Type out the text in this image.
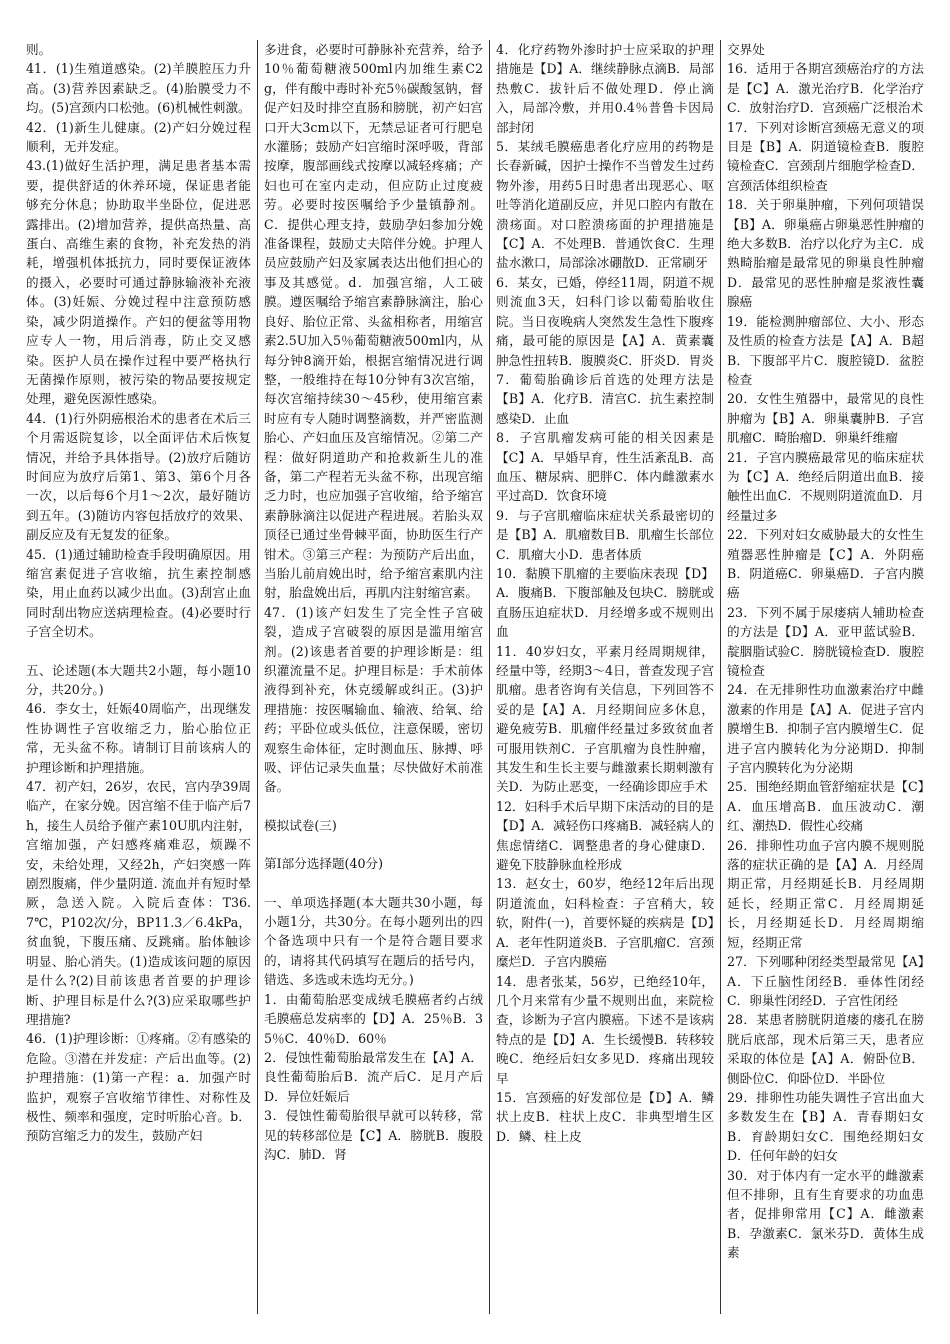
则。

41．(1)生殖道感染。(2)羊膜腔压力升高。(3)营养因素缺乏。(4)胎膜受力不均。(5)宫颈内口松弛。(6)机械性刺激。

42．(1)新生儿健康。(2)产妇分娩过程顺利，无并发症。

43.(1)做好生活护理，满足患者基本需要，提供舒适的休养环境，保证患者能够充分休息；协助取半坐卧位，促进恶露排出。(2)增加营养，提供高热量、高蛋白、高维生素的食物，补充发热的消耗，增强机体抵抗力，同时要保证液体的摄入，必要时可通过静脉输液补充液体。(3)妊娠、分娩过程中注意预防感染，减少阴道操作。产妇的便盆等用物应专人一物，用后消毒，防止交叉感染。医护人员在操作过程中要严格执行无菌操作原则，被污染的物品要按规定处理，避免医源性感染。

44．(1)行外阴癌根治术的患者在术后三个月需返院复诊，以全面评估术后恢复情况，并给予具体指导。(2)放疗后随访时间应为放疗后第1、第3、第6个月各一次，以后每6个月1～2次，最好随访到五年。(3)随访内容包括放疗的效果、副反应及有无复发的征象。

45．(1)通过辅助检查手段明确原因。用缩宫素促进子宫收缩，抗生素控制感染，用止血药以减少出血。(3)刮宫止血同时刮出物应送病理检查。(4)必要时行子宫全切术。

五、论述题(本大题共2小题，每小题10分，共20分。)

46．李女士，妊娠40周临产，出现继发性协调性子宫收缩乏力，胎心胎位正常，无头盆不称。请制订目前该病人的护理诊断和护理措施。

47．初产妇，26岁，农民，宫内孕39周临产，在家分娩。因宫缩不佳于临产后7h，接生人员给予催产素10U肌内注射，宫缩加强，产妇感疼痛难忍，烦躁不安，未给处理，又经2h，产妇突感一阵剧烈腹痛，伴少量阴道. 流血并有短时晕厥，急送入院。入院后查体：T36.7℃，P102次/分，BP11.3／6.4kPa，贫血貌，下腹压痛、反跳痛。胎体触诊明显、胎心消失。(1)造成该问题的原因是什么?(2)目前该患者首要的护理诊断、护理目标是什么?(3)应采取哪些护理措施?

46．(1)护理诊断：①疼痛。②有感染的危险。③潜在并发症：产后出血等。(2)护理措施：(1)第一产程：a．加强产时监护，观察子宫收缩节律性、对称性及极性、频率和强度，定时听胎心音。b．预防宫缩乏力的发生，鼓励产妇

多进食，必要时可静脉补充营养，给予10％葡萄糖液500ml内加维生素C2g，伴有酸中毒时补充5％碳酸氢钠，督促产妇及时排空直肠和膀胱，初产妇宫口开大3cm以下，无禁忌证者可行肥皂水灌肠；鼓励产妇宫缩时深呼吸，背部按摩，腹部画线式按摩以减轻疼痛；产妇也可在室内走动，但应防止过度疲劳。必要时按医嘱给予少量镇静剂。C．提供心理支持，鼓励孕妇参加分娩准备课程，鼓励丈夫陪伴分娩。护理人员应鼓励产妇及家属表达出他们担心的事及其感觉。d．加强宫缩，人工破膜。遵医嘱给予缩宫素静脉滴注，胎心良好、胎位正常、头盆相称者，用缩宫素2.5U加入5％葡萄糖液500ml内，从每分钟8滴开始，根据宫缩情况进行调整，一般维持在每10分钟有3次宫缩，每次宫缩持续30～45秒，使用缩宫素时应有专人随时调整滴数，并严密监测胎心、产妇血压及宫缩情况。②第二产程：做好阴道助产和抢救新生儿的准备，第二产程若无头盆不称，出现宫缩乏力时，也应加强子宫收缩，给予缩宫素静脉滴注以促进产程进展。若胎头双顶径已通过坐骨棘平面，协助医生行产钳术。③第三产程：为预防产后出血，当胎儿前肩娩出时，给予缩宫素肌内注射，胎盘娩出后，再肌内注射缩宫素。

47．(1)该产妇发生了完全性子宫破裂，造成子宫破裂的原因是滥用缩宫剂。(2)该患者首要的护理诊断是：组织灌流量不足。护理目标是：手术前体液得到补充，休克缓解或纠正。(3)护理措施：按医嘱输血、输液、给氧、给药；平卧位或头低位，注意保暖，密切观察生命体征，定时测血压、脉搏、呼吸、评估记录失血量；尽快做好术前准备。

模拟试卷(三)

第Ⅰ部分选择题(40分)

一、单项选择题(本大题共30小题，每小题1分，共30分。在每小题列出的四个备选项中只有一个是符合题目要求的，请将其代码填写在题后的括号内，错选、多选或未选均无分。)

1．由葡萄胎恶变成绒毛膜癌者约占绒毛膜癌总发病率的【D】A．25％B．35％C．40％D．60％

2．侵蚀性葡萄胎最常发生在【A】A．良性葡萄胎后B．流产后C．足月产后D．异位妊娠后

3．侵蚀性葡萄胎很早就可以转移，常见的转移部位是【C】A．膀胱B．腹股沟C．肺D．肾

4．化疗药物外渗时护士应采取的护理措施是【D】A．继续静脉点滴B．局部热敷C．拔针后不做处理D．停止滴入，局部冷敷，并用0.4％普鲁卡因局部封闭

5．某绒毛膜癌患者化疗应用的药物是长春新碱，因护士操作不当曾发生过药物外渗，用药5日时患者出现恶心、呕吐等消化道副反应，并见口腔内有散在溃疡面。对口腔溃疡面的护理措施是【C】A．不处理B．普通饮食C．生理盐水漱口，局部涂冰硼散D．正常刷牙

6．某女，已婚，停经11周，阴道不规则流血3天，妇科门诊以葡萄胎收住院。当日夜晚病人突然发生急性下腹疼痛，最可能的原因是【A】A．黄素囊肿急性扭转B．腹膜炎C．肝炎D．胃炎

7．葡萄胎确诊后首选的处理方法是【B】A．化疗B．清宫C．抗生素控制感染D．止血

8．子宫肌瘤发病可能的相关因素是【C】A．早婚早育，性生活紊乱B．高血压、糖尿病、肥胖C．体内雌激素水平过高D．饮食环境

9．与子宫肌瘤临床症状关系最密切的是【B】A．肌瘤数目B．肌瘤生长部位C．肌瘤大小D．患者体质

10．黏膜下肌瘤的主要临床表现【D】A．腹痛B．下腹部触及包块C．膀胱或直肠压迫症状D．月经增多或不规则出血

11．40岁妇女，平素月经周期规律，经量中等，经期3～4日，普查发现子宫肌瘤。患者咨询有关信息，下列回答不妥的是【A】A．月经期间应多休息，避免疲劳B．肌瘤伴经量过多致贫血者可服用铁剂C．子宫肌瘤为良性肿瘤，其发生和生长主要与雌激素长期刺激有关D．为防止恶变，一经确诊即应手术

12．妇科手术后早期下床活动的目的是【D】A．减轻伤口疼痛B．减轻病人的焦虑情绪C．调整患者的身心健康D．避免下肢静脉血栓形成

13．赵女士，60岁，绝经12年后出现阴道流血，妇科检查：子宫稍大，较软，附件(一)，首要怀疑的疾病是【D】A．老年性阴道炎B．子宫肌瘤C．宫颈糜烂D．子宫内膜癌

14．患者张某，56岁，已绝经10年，几个月来常有少量不规则出血，来院检查，诊断为子宫内膜癌。下述不是该病特点的是【D】A．生长缓慢B．转移较晚C．绝经后妇女多见D．疼痛出现较早

15．宫颈癌的好发部位是【D】A．鳞状上皮B．柱状上皮C．非典型增生区D．鳞、柱上皮

交界处

16．适用于各期宫颈癌治疗的方法是【C】A．激光治疗B．化学治疗C．放射治疗D．宫颈癌广泛根治术

17．下列对诊断宫颈癌无意义的项目是【B】A．阴道镜检查B．腹腔镜检查C．宫颈刮片细胞学检查D．宫颈活体组织检查

18．关于卵巢肿瘤，下列何项错误【B】A．卵巢癌占卵巢恶性肿瘤的绝大多数B．治疗以化疗为主C．成熟畸胎瘤是最常见的卵巢良性肿瘤D．最常见的恶性肿瘤是浆液性囊腺癌

19．能检测肿瘤部位、大小、形态及性质的检查方法是【A】A．B超B．下腹部平片C．腹腔镜D．盆腔检查

20．女性生殖器中，最常见的良性肿瘤为【B】A．卵巢囊肿B．子宫肌瘤C．畸胎瘤D．卵巢纤维瘤

21．子宫内膜癌最常见的临床症状为【C】A．绝经后阴道出血B．接触性出血C．不规则阴道流血D．月经量过多

22．下列对妇女威胁最大的女性生殖器恶性肿瘤是【C】A．外阴癌B．阴道癌C．卵巢癌D．子宫内膜癌

23．下列不属于尿瘘病人辅助检查的方法是【D】A．亚甲蓝试验B．靛胭脂试验C．膀胱镜检查D．腹腔镜检查

24．在无排卵性功血激素治疗中雌激素的作用是【A】A．促进子宫内膜增生B．抑制子宫内膜增生C．促进子宫内膜转化为分泌期D．抑制子宫内膜转化为分泌期

25．围绝经期血管舒缩症状是【C】A．血压增高B．血压波动C．潮红、潮热D．假性心绞痛

26．排卵性功血子宫内膜不规则脱落的症状正确的是【A】A．月经周期正常，月经期延长B．月经周期延长，经期正常C．月经周期延长，月经期延长D．月经周期缩短，经期正常

27．下列哪种闭经类型最常见【A】A．下丘脑性闭经B．垂体性闭经C．卵巢性闭经D．子宫性闭经

28．某患者膀胱阴道瘘的瘘孔在膀胱后底部，现术后第三天，患者应采取的体位是【A】A．俯卧位B．侧卧位C．仰卧位D．半卧位

29．排卵性功能失调性子宫出血大多数发生在【B】A．青春期妇女B．育龄期妇女C．围绝经期妇女D．任何年龄的妇女

30．对于体内有一定水平的雌激素但不排卵，且有生育要求的功血患者，促排卵常用【C】A．雌激素B．孕激素C．氯米芬D．黄体生成素
